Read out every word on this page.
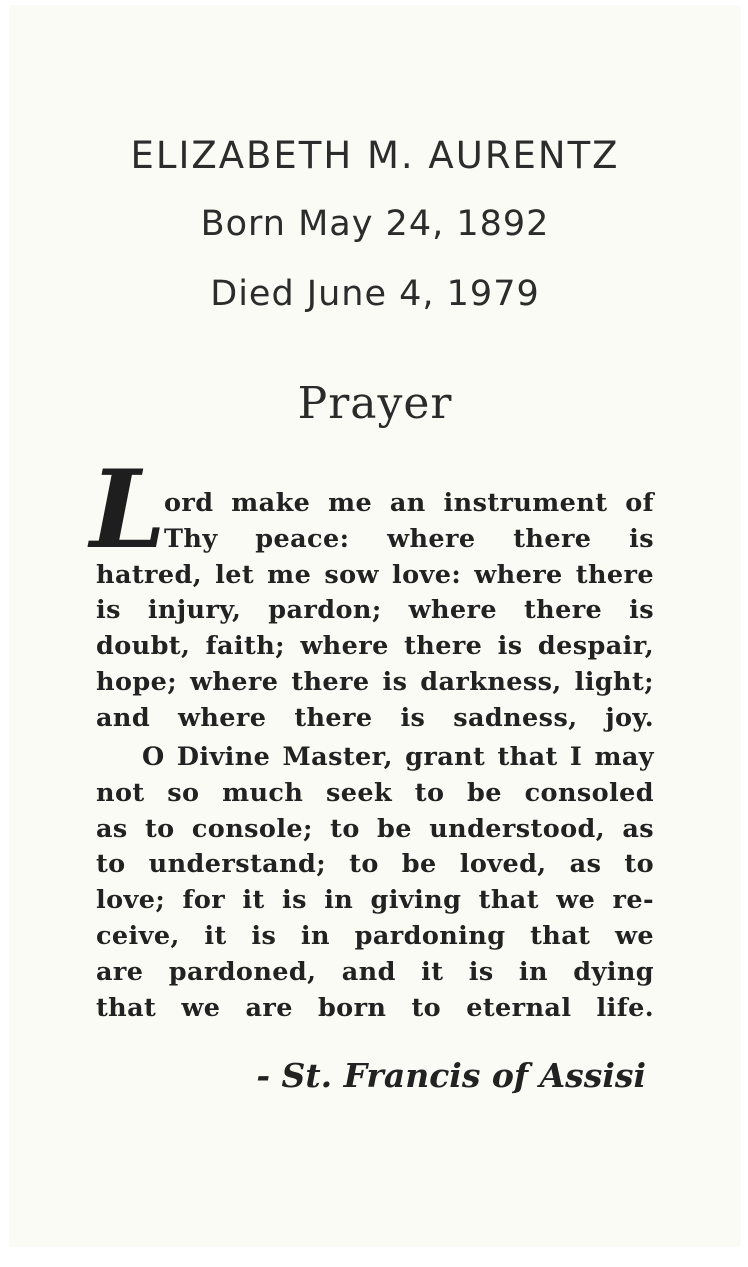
ELIZABETH M. AURENTZ
Born May 24, 1892
Died June 4, 1979
Prayer
L
ord make me an instrument of
Thy peace: where there is
hatred, let me sow love: where there
is injury, pardon; where there is
doubt, faith; where there is despair,
hope; where there is darkness, light;
and where there is sadness, joy.
O Divine Master, grant that I may
not so much seek to be consoled
as to console; to be understood, as
to understand; to be loved, as to
love; for it is in giving that we re-
ceive, it is in pardoning that we
are pardoned, and it is in dying
that we are born to eternal life.
- St. Francis of Assisi
